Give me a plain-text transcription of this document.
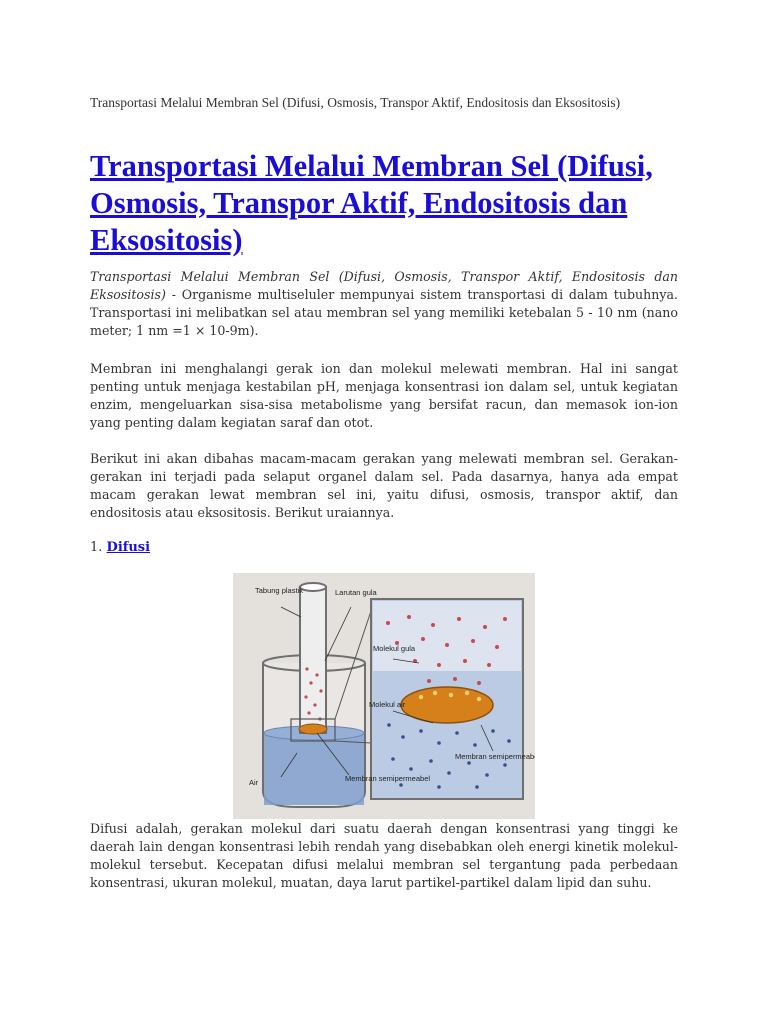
Transportasi Melalui Membran Sel (Difusi, Osmosis, Transpor Aktif, Endositosis dan Eksositosis)
Transportasi Melalui Membran Sel (Difusi, Osmosis, Transpor Aktif, Endositosis dan Eksositosis)

Transportasi Melalui Membran Sel (Difusi, Osmosis, Transpor Aktif, Endositosis dan Eksositosis) - Organisme multiseluler mempunyai sistem transportasi di dalam tubuhnya. Transportasi ini melibatkan sel atau membran sel yang memiliki ketebalan 5 - 10 nm (nano meter; 1 nm =1 × 10-9m).

Membran ini menghalangi gerak ion dan molekul melewati membran. Hal ini sangat penting untuk menjaga kestabilan pH, menjaga konsentrasi ion dalam sel, untuk kegiatan enzim, mengeluarkan sisa-sisa metabolisme yang bersifat racun, dan memasok ion-ion yang penting dalam kegiatan saraf dan otot.

Berikut ini akan dibahas macam-macam gerakan yang melewati membran sel. Gerakan-gerakan ini terjadi pada selaput organel dalam sel. Pada dasarnya, hanya ada empat macam gerakan lewat membran sel ini, yaitu difusi, osmosis, transpor aktif, dan endositosis atau eksositosis. Berikut uraiannya.

1. Difusi
Tabung plastik	Larutan gula
Molekul gula
Molekul air
Membran semipermeabel
Air	Membran semipermeabel

Difusi adalah, gerakan molekul dari suatu daerah dengan konsentrasi yang tinggi ke daerah lain dengan konsentrasi lebih rendah yang disebabkan oleh energi kinetik molekul-molekul tersebut. Kecepatan difusi melalui membran sel tergantung pada perbedaan konsentrasi, ukuran molekul, muatan, daya larut partikel-partikel dalam lipid dan suhu.
